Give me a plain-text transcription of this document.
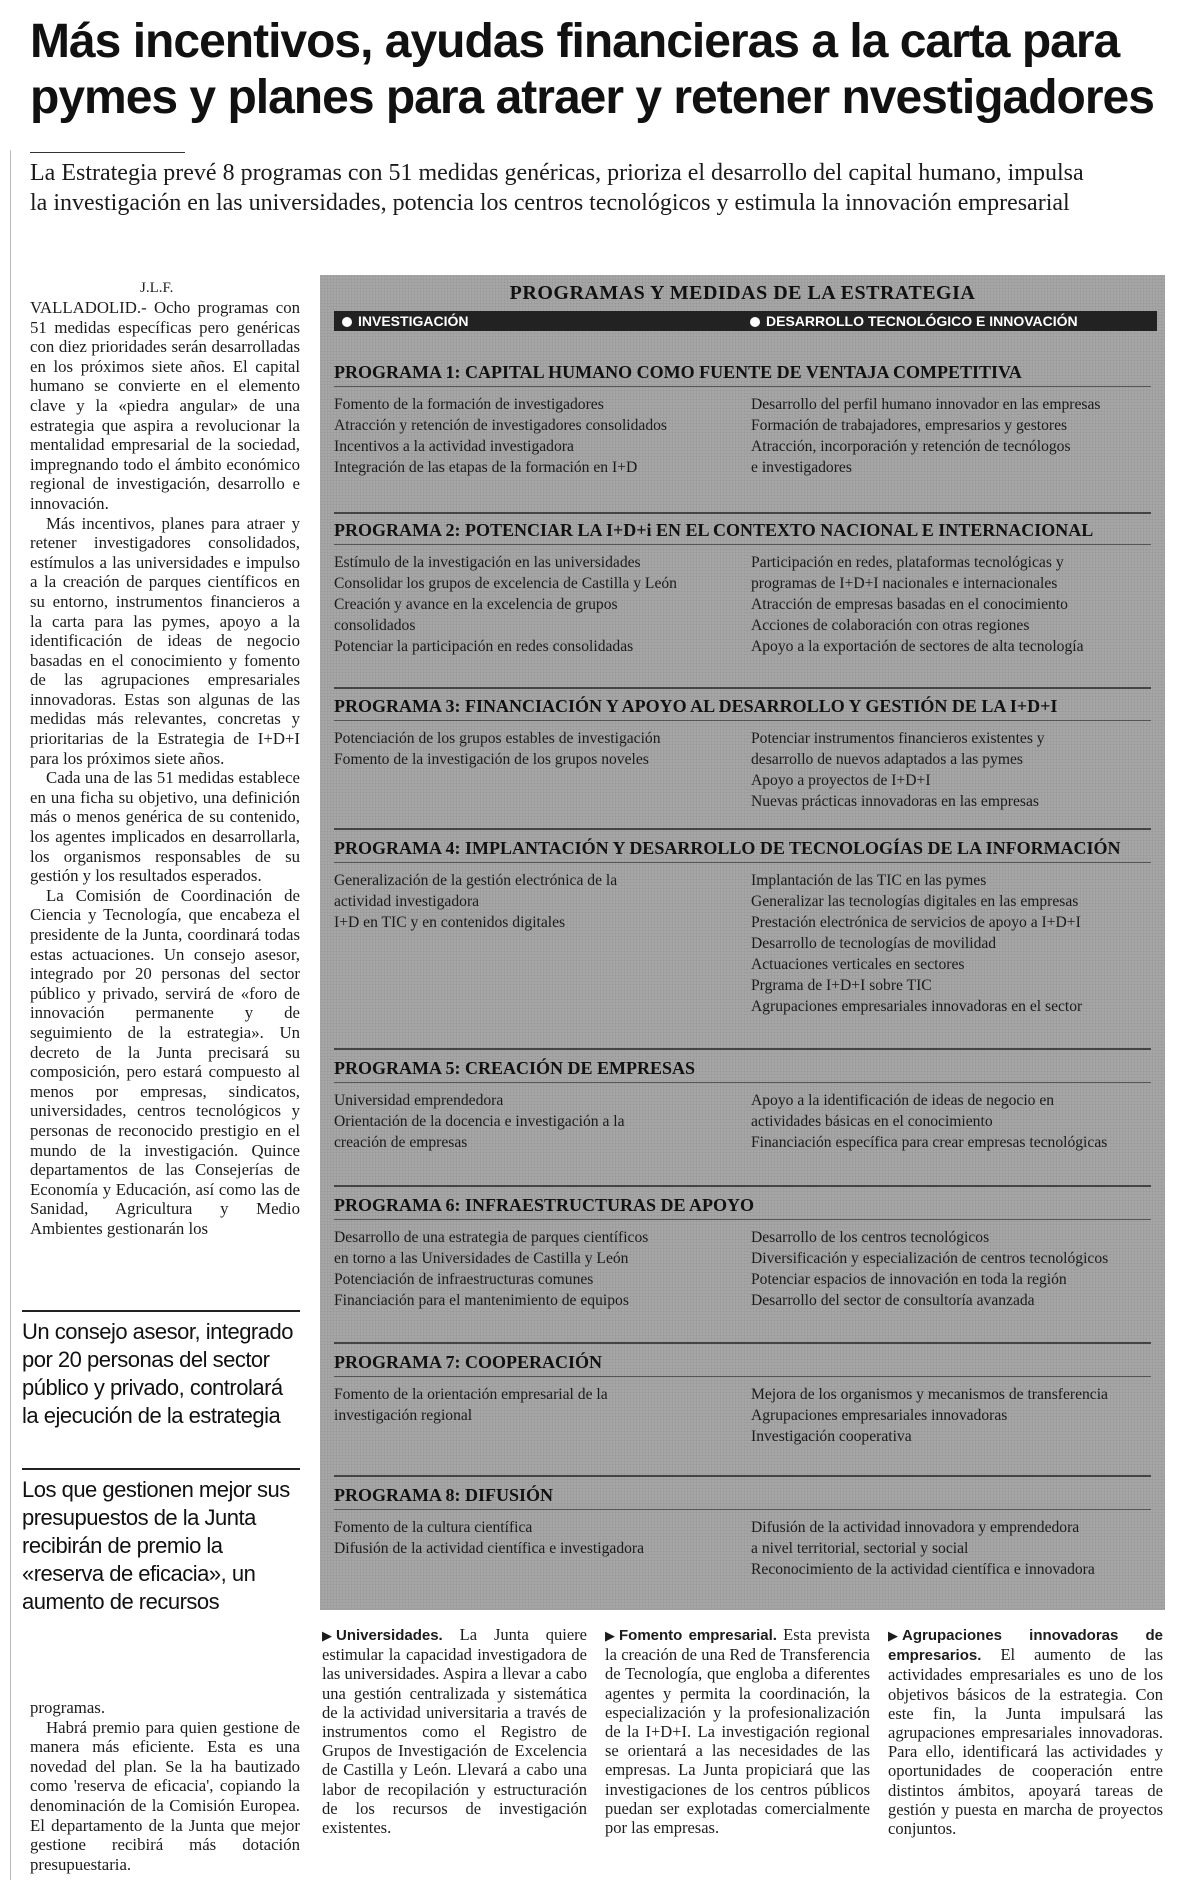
Más incentivos, ayudas financieras a la carta para
pymes y planes para atraer y retener nvestigadores
La Estrategia prevé 8 programas con 51 medidas genéricas, prioriza el desarrollo del capital humano, impulsa
la investigación en las universidades, potencia los centros tecnológicos y estimula la innovación empresarial
J.L.F.

VALLADOLID.- Ocho programas con 51 medidas específicas pero genéricas con diez prioridades serán desarrolladas en los próximos siete años. El capital humano se convierte en el elemento clave y la «piedra angular» de una estrategia que aspira a revolucionar la mentalidad empresarial de la sociedad, impregnando todo el ámbito económico regional de investigación, desarrollo e innovación.

Más incentivos, planes para atraer y retener investigadores consolidados, estímulos a las universidades e impulso a la creación de parques científicos en su entorno, instrumentos financieros a la carta para las pymes, apoyo a la identificación de ideas de negocio basadas en el conocimiento y fomento de las agrupaciones empresariales innovadoras. Estas son algunas de las medidas más relevantes, concretas y prioritarias de la Estrategia de I+D+I para los próximos siete años.

Cada una de las 51 medidas establece en una ficha su objetivo, una definición más o menos genérica de su contenido, los agentes implicados en desarrollarla, los organismos responsables de su gestión y los resultados esperados.

La Comisión de Coordinación de Ciencia y Tecnología, que encabeza el presidente de la Junta, coordinará todas estas actuaciones. Un consejo asesor, integrado por 20 personas del sector público y privado, servirá de «foro de innovación permanente y de seguimiento de la estrategia». Un decreto de la Junta precisará su composición, pero estará compuesto al menos por empresas, sindicatos, universidades, centros tecnológicos y personas de reconocido prestigio en el mundo de la investigación. Quince departamentos de las Consejerías de Economía y Educación, así como las de Sanidad, Agricultura y Medio Ambientes gestionarán los

Un consejo asesor, integrado por 20 personas del sector público y privado, controlará la ejecución de la estrategia
Los que gestionen mejor sus presupuestos de la Junta recibirán de premio la «reserva de eficacia», un aumento de recursos

programas.

Habrá premio para quien gestione de manera más eficiente. Esta es una novedad del plan. Se la ha bautizado como 'reserva de eficacia', copiando la denominación de la Comisión Europea. El departamento de la Junta que mejor gestione recibirá más dotación presupuestaria.

PROGRAMAS Y MEDIDAS DE LA ESTRATEGIA
INVESTIGACIÓN	DESARROLLO TECNOLÓGICO E INNOVACIÓN
PROGRAMA 1: CAPITAL HUMANO COMO FUENTE DE VENTAJA COMPETITIVA
Fomento de la formación de investigadores
Atracción y retención de investigadores consolidados
Incentivos a la actividad investigadora
Integración de las etapas de la formación en I+D
Desarrollo del perfil humano innovador en las empresas
Formación de trabajadores, empresarios y gestores
Atracción, incorporación y retención de tecnólogos
e investigadores
PROGRAMA 2: POTENCIAR LA I+D+i EN EL CONTEXTO NACIONAL E INTERNACIONAL
Estímulo de la investigación en las universidades
Consolidar los grupos de excelencia de Castilla y León
Creación y avance en la excelencia de grupos
consolidados
Potenciar la participación en redes consolidadas
Participación en redes, plataformas tecnológicas y
programas de I+D+I nacionales e internacionales
Atracción de empresas basadas en el conocimiento
Acciones de colaboración con otras regiones
Apoyo a la exportación de sectores de alta tecnología
PROGRAMA 3: FINANCIACIÓN Y APOYO AL DESARROLLO Y GESTIÓN DE LA I+D+I
Potenciación de los grupos estables de investigación
Fomento de la investigación de los grupos noveles
Potenciar instrumentos financieros existentes y
desarrollo de nuevos adaptados a las pymes
Apoyo a proyectos de I+D+I
Nuevas prácticas innovadoras en las empresas
PROGRAMA 4: IMPLANTACIÓN Y DESARROLLO DE TECNOLOGÍAS DE LA INFORMACIÓN
Generalización de la gestión electrónica de la
actividad investigadora
I+D en TIC y en contenidos digitales
Implantación de las TIC en las pymes
Generalizar las tecnologías digitales en las empresas
Prestación electrónica de servicios de apoyo a I+D+I
Desarrollo de tecnologías de movilidad
Actuaciones verticales en sectores
Prgrama de I+D+I sobre TIC
Agrupaciones empresariales innovadoras en el sector
PROGRAMA 5: CREACIÓN DE EMPRESAS
Universidad emprendedora
Orientación de la docencia e investigación a la
creación de empresas
Apoyo a la identificación de ideas de negocio en
actividades básicas en el conocimiento
Financiación específica para crear empresas tecnológicas
PROGRAMA 6: INFRAESTRUCTURAS DE APOYO
Desarrollo de una estrategia de parques científicos
en torno a las Universidades de Castilla y León
Potenciación de infraestructuras comunes
Financiación para el mantenimiento de equipos
Desarrollo de los centros tecnológicos
Diversificación y especialización de centros tecnológicos
Potenciar espacios de innovación en toda la región
Desarrollo del sector de consultoría avanzada
PROGRAMA 7: COOPERACIÓN
Fomento de la orientación empresarial de la
investigación regional
Mejora de los organismos y mecanismos de transferencia
Agrupaciones empresariales innovadoras
Investigación cooperativa
PROGRAMA 8: DIFUSIÓN
Fomento de la cultura científica
Difusión de la actividad científica e investigadora
Difusión de la actividad innovadora y emprendedora
a nivel territorial, sectorial y social
Reconocimiento de la actividad científica e innovadora
▶ Universidades. La Junta quiere estimular la capacidad investigadora de las universidades. Aspira a llevar a cabo una gestión centralizada y sistemática de la actividad universitaria a través de instrumentos como el Registro de Grupos de Investigación de Excelencia de Castilla y León. Llevará a cabo una labor de recopilación y estructuración de los recursos de investigación existentes.
▶ Fomento empresarial. Esta prevista la creación de una Red de Transferencia de Tecnología, que engloba a diferentes agentes y permita la coordinación, la especialización y la profesionalización de la I+D+I. La investigación regional se orientará a las necesidades de las empresas. La Junta propiciará que las investigaciones de los centros públicos puedan ser explotadas comercialmente por las empresas.
▶ Agrupaciones innovadoras de empresarios. El aumento de las actividades empresariales es uno de los objetivos básicos de la estrategia. Con este fin, la Junta impulsará las agrupaciones empresariales innovadoras. Para ello, identificará las actividades y oportunidades de cooperación entre distintos ámbitos, apoyará tareas de gestión y puesta en marcha de proyectos conjuntos.
